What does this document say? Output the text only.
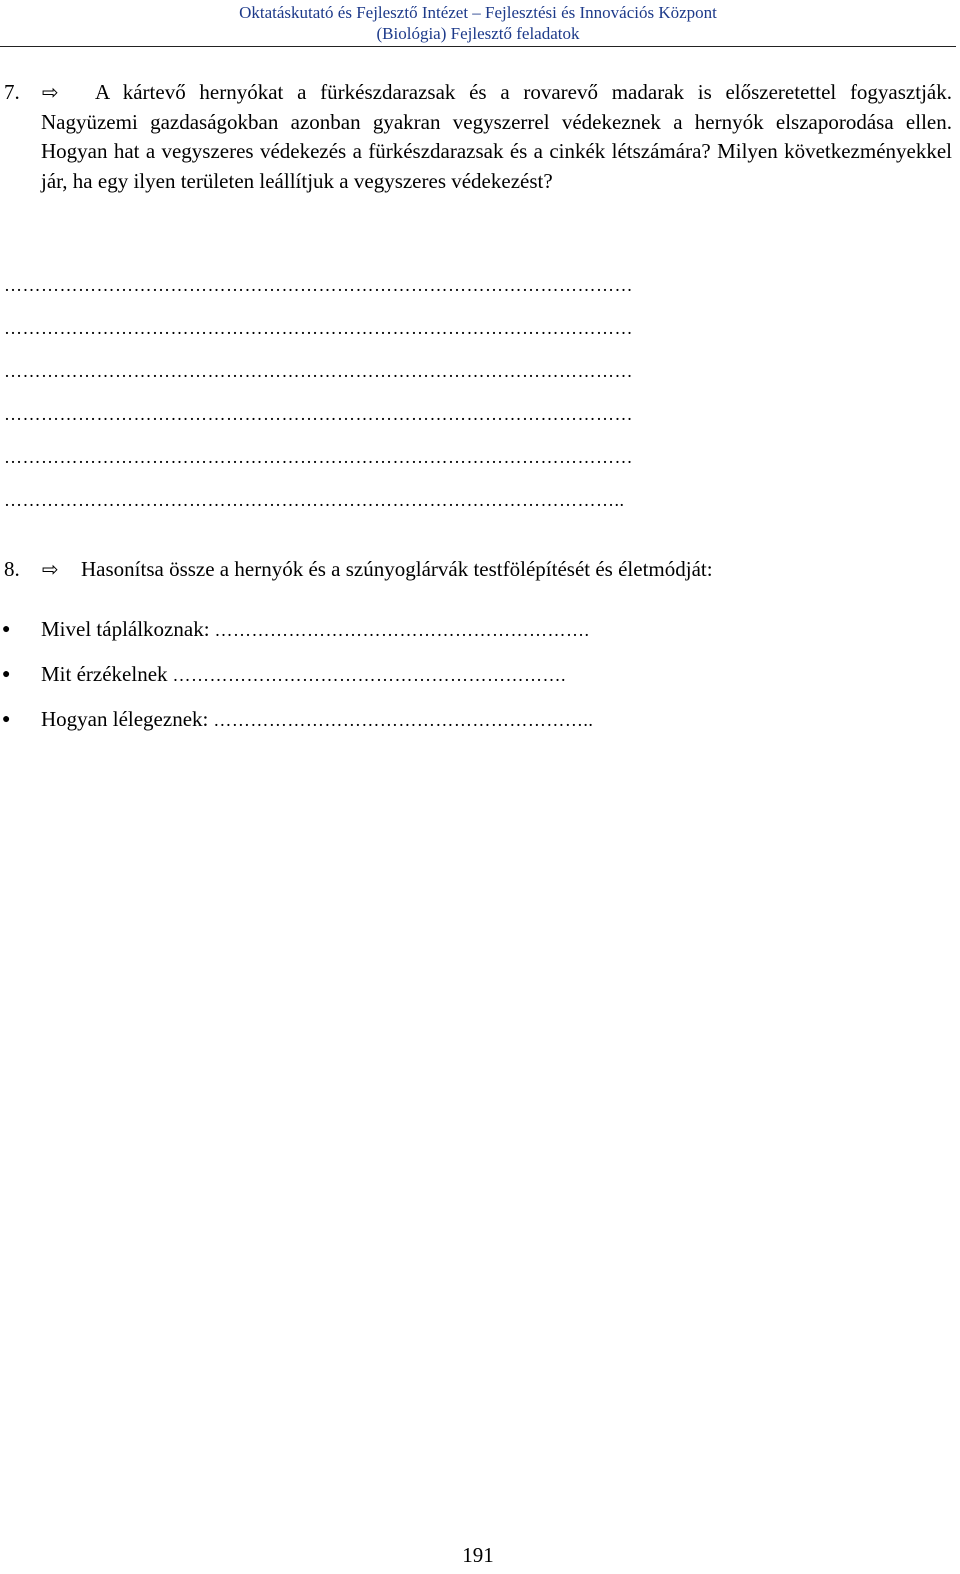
Oktatáskutató és Fejlesztő Intézet – Fejlesztési és Innovációs Központ
(Biológia) Fejlesztő feladatok
7. ⇨	A kártevő hernyókat a fürkészdarazsak és a rovarevő madarak is előszeretettel fogyasztják. Nagyüzemi gazdaságokban azonban gyakran vegyszerrel védekeznek a hernyók elszaporodása ellen. Hogyan hat a vegyszeres védekezés a fürkészdarazsak és a cinkék létszámára? Milyen következményekkel jár, ha egy ilyen területen leállítjuk a vegyszeres védekezést?
…………………………………………………………………………………………
…………………………………………………………………………………………
…………………………………………………………………………………………
…………………………………………………………………………………………
…………………………………………………………………………………………
………………………………………………………………………………………..
8. ⇨ Hasonítsa össze a hernyók és a szúnyoglárvák testfölépítését és életmódját:
● Mivel táplálkoznak: …………………………………………………….
● Mit érzékelnek ……………………………………………………….
● Hogyan lélegeznek: ……………………………………………………..
191
